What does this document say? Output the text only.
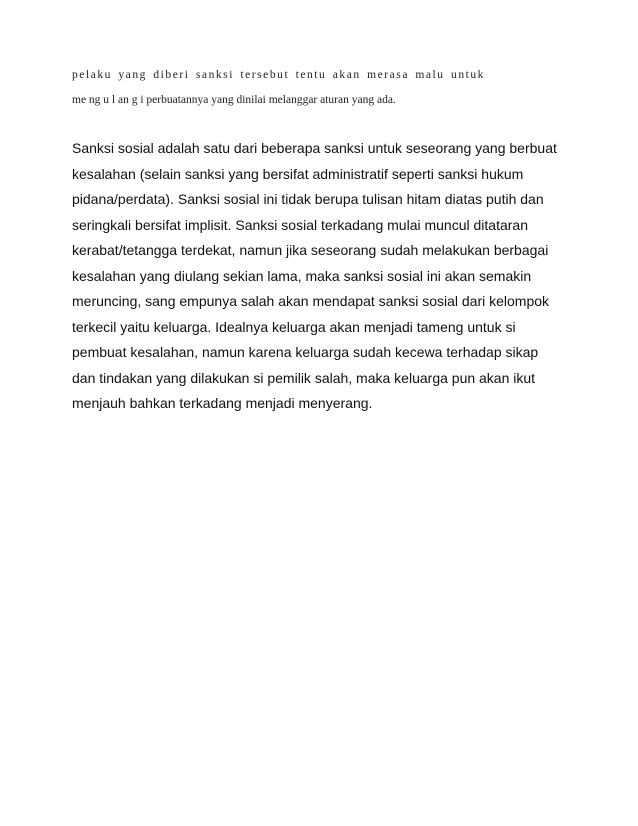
pelaku yang diberi sanksi tersebut tentu akan merasa malu untuk
me ng u l an g i perbuatannya yang dinilai melanggar aturan yang ada.
Sanksi sosial adalah satu dari beberapa sanksi untuk seseorang yang berbuat
kesalahan (selain sanksi yang bersifat administratif seperti sanksi hukum
pidana/perdata). Sanksi sosial ini tidak berupa tulisan hitam diatas putih dan
seringkali bersifat implisit. Sanksi sosial terkadang mulai muncul ditataran
kerabat/tetangga terdekat, namun jika seseorang sudah melakukan berbagai
kesalahan yang diulang sekian lama, maka sanksi sosial ini akan semakin
meruncing, sang empunya salah akan mendapat sanksi sosial dari kelompok
terkecil yaitu keluarga. Idealnya keluarga akan menjadi tameng untuk si
pembuat kesalahan, namun karena keluarga sudah kecewa terhadap sikap
dan tindakan yang dilakukan si pemilik salah, maka keluarga pun akan ikut
menjauh bahkan terkadang menjadi menyerang.
